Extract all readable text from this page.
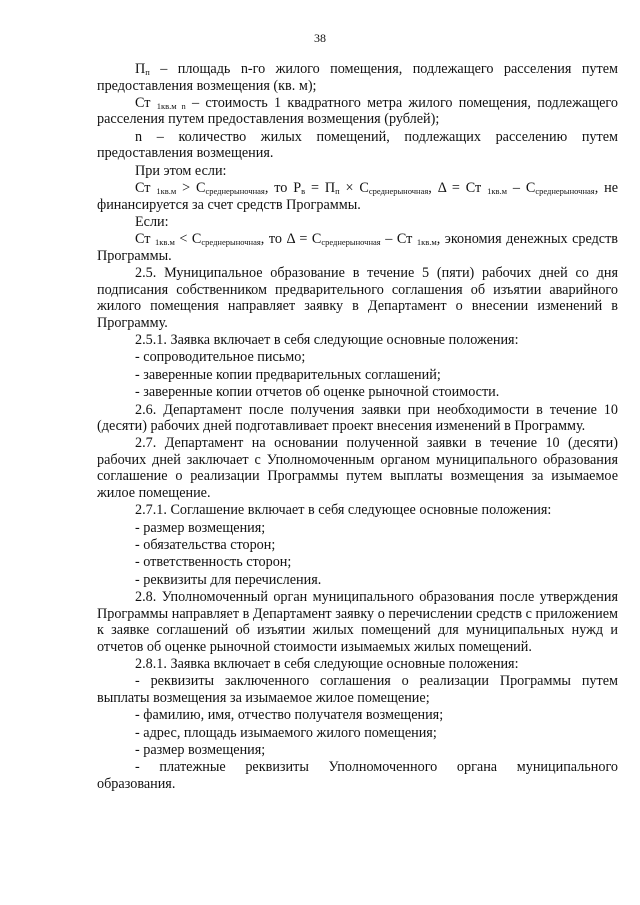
38

$П_п$ – площадь n-го жилого помещения, подлежащего расселения путем предоставления возмещения (кв. м);

Ст $_{1кв.м n}$ – стоимость 1 квадратного метра жилого помещения, подлежащего расселения путем предоставления возмещения (рублей);

n – количество жилых помещений, подлежащих расселению путем предоставления возмещения.

При этом если:

Ст $_{1кв.м} > С_{среднерыночная}$, то $Р_в = П_п \times С_{среднерыночная}$, Δ = Ст $_{1кв.м} - С_{среднерыночная}$, не финансируется за счет средств Программы.

Если:

Ст $_{1кв.м} < С_{среднерыночная}$, то $\Delta = С_{среднерыночная}$ – Ст $_{1кв.м}$, экономия денежных средств Программы.

2.5. Муниципальное образование в течение 5 (пяти) рабочих дней со дня подписания собственником предварительного соглашения об изъятии аварийного жилого помещения направляет заявку в Департамент о внесении изменений в Программу.

2.5.1. Заявка включает в себя следующие основные положения:

- сопроводительное письмо;

- заверенные копии предварительных соглашений;

- заверенные копии отчетов об оценке рыночной стоимости.

2.6. Департамент после получения заявки при необходимости в течение 10 (десяти) рабочих дней подготавливает проект внесения изменений в Программу.

2.7. Департамент на основании полученной заявки в течение 10 (десяти) рабочих дней заключает с Уполномоченным органом муниципального образования соглашение о реализации Программы путем выплаты возмещения за изымаемое жилое помещение.

2.7.1. Соглашение включает в себя следующее основные положения:

- размер возмещения;

- обязательства сторон;

- ответственность сторон;

- реквизиты для перечисления.

2.8. Уполномоченный орган муниципального образования после утверждения Программы направляет в Департамент заявку о перечислении средств с приложением к заявке соглашений об изъятии жилых помещений для муниципальных нужд и отчетов об оценке рыночной стоимости изымаемых жилых помещений.

2.8.1. Заявка включает в себя следующие основные положения:

- реквизиты заключенного соглашения о реализации Программы путем выплаты возмещения за изымаемое жилое помещение;

- фамилию, имя, отчество получателя возмещения;

- адрес, площадь изымаемого жилого помещения;

- размер возмещения;

- платежные реквизиты Уполномоченного органа муниципального образования.
